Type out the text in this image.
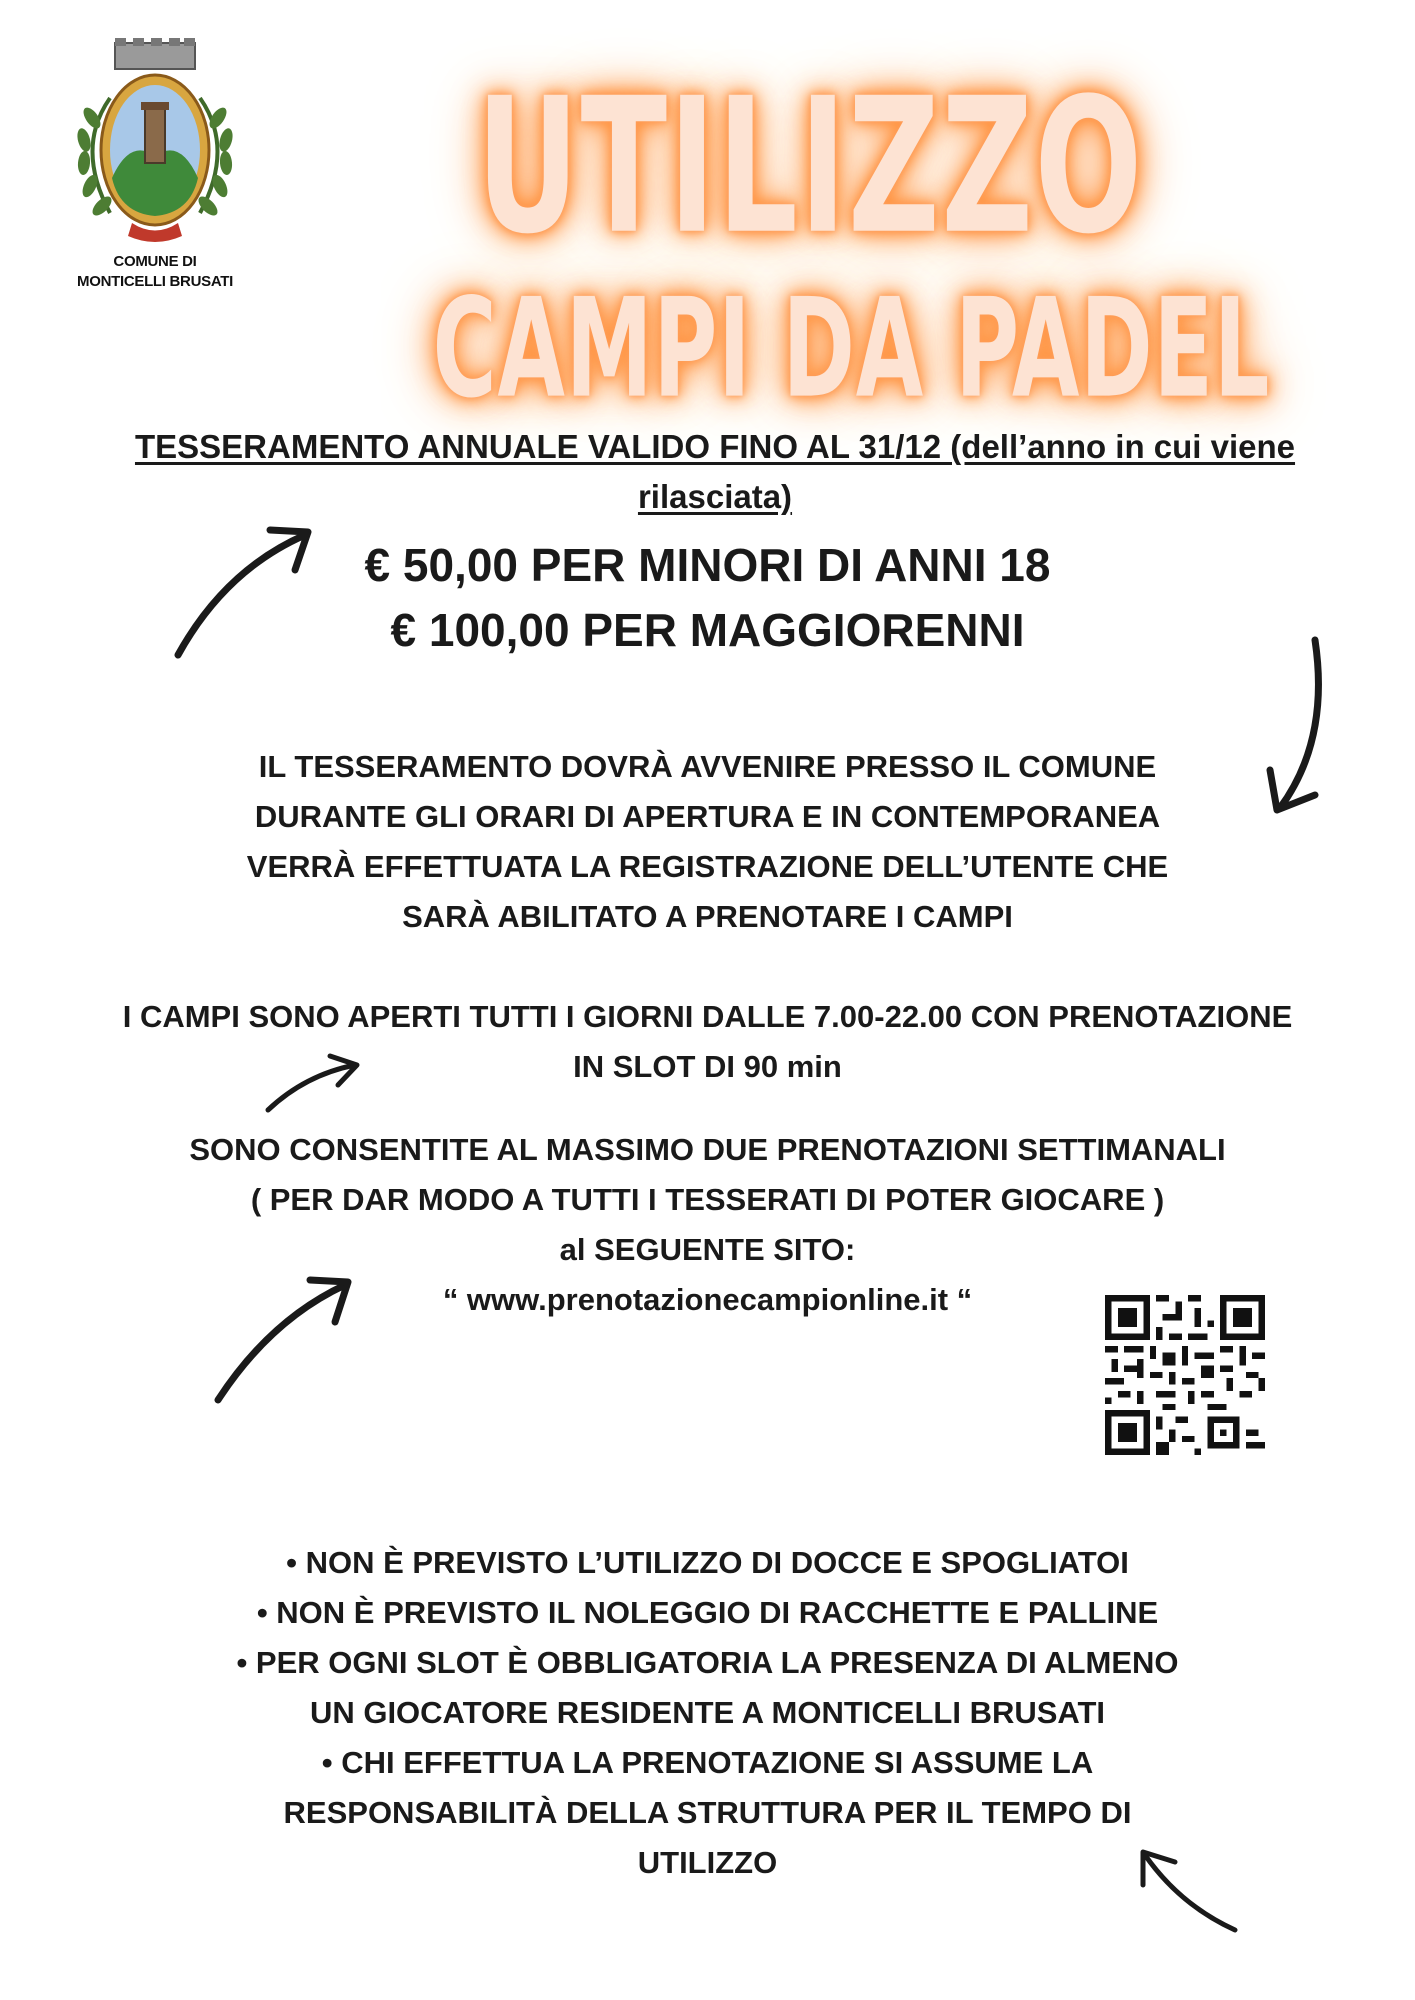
COMUNE DI
MONTICELLI BRUSATI
UTILIZZO
CAMPI DA PADEL
TESSERAMENTO ANNUALE VALIDO FINO AL 31/12 (dell’anno in cui viene
rilasciata)
€ 50,00 PER MINORI DI ANNI 18
€ 100,00 PER MAGGIORENNI
IL TESSERAMENTO DOVRÀ AVVENIRE PRESSO IL COMUNE
DURANTE GLI ORARI DI APERTURA E IN CONTEMPORANEA
VERRÀ EFFETTUATA LA REGISTRAZIONE DELL’UTENTE CHE
SARÀ ABILITATO A PRENOTARE I CAMPI
I CAMPI SONO APERTI TUTTI I GIORNI DALLE 7.00-22.00 CON PRENOTAZIONE
IN SLOT DI 90 min
SONO CONSENTITE AL MASSIMO DUE PRENOTAZIONI SETTIMANALI
( PER DAR MODO A TUTTI I TESSERATI DI POTER GIOCARE )
al SEGUENTE SITO:
“ www.prenotazionecampionline.it “
• NON È PREVISTO L’UTILIZZO DI DOCCE E SPOGLIATOI
• NON È PREVISTO IL NOLEGGIO DI RACCHETTE E PALLINE
• PER OGNI SLOT È OBBLIGATORIA LA PRESENZA DI ALMENO
UN GIOCATORE RESIDENTE A MONTICELLI BRUSATI
• CHI EFFETTUA LA PRENOTAZIONE SI ASSUME LA
RESPONSABILITÀ DELLA STRUTTURA PER IL TEMPO DI
UTILIZZO
